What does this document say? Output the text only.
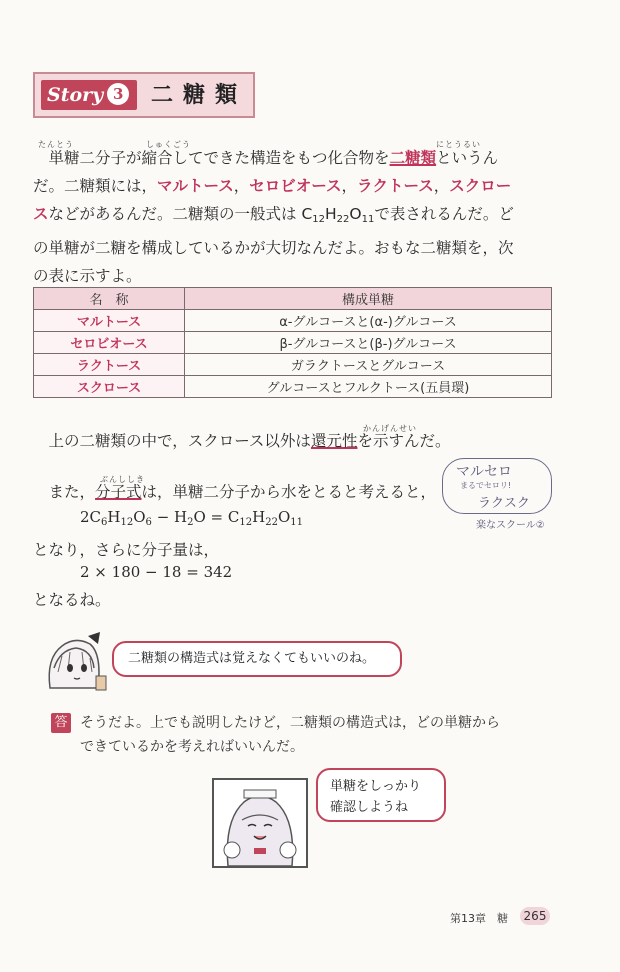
Story 3	二糖類
たんとう	しゅくごう	にとうるい
　単糖二分子が縮合してできた構造をもつ化合物を二糖類というん
だ。二糖類には，マルトース，セロビオース，ラクトース，スクロー
スなどがあるんだ。二糖類の一般式は $C_{12}H_{22}O_{11}$で表されるんだ。ど
の単糖が二糖を構成しているかが大切なんだよ。おもな二糖類を，次
の表に示すよ。
名　称	構成単糖
マルトース	α-グルコースと(α-)グルコース
セロビオース	β-グルコースと(β-)グルコース
ラクトース	ガラクトースとグルコース
スクロース	グルコースとフルクトース(五員環)
かんげんせい
　上の二糖類の中で，スクロース以外は還元性を示すんだ。
ぶんししき
　また，分子式は，単糖二分子から水をとると考えると，
$2C_6H_{12}O_6 - H_2O = C_{12}H_{22}O_{11}$
となり，さらに分子量は，
2 × 180 − 18 = 342
となるね。
マルセロ
まるでセロリ!
ラクスク
楽なスクール②
二糖類の構造式は覚えなくてもいいのね。
答 そうだよ。上でも説明したけど，二糖類の構造式は，どの単糖から
できているかを考えればいいんだ。
単糖をしっかり
確認しようね
第13章　糖 265
